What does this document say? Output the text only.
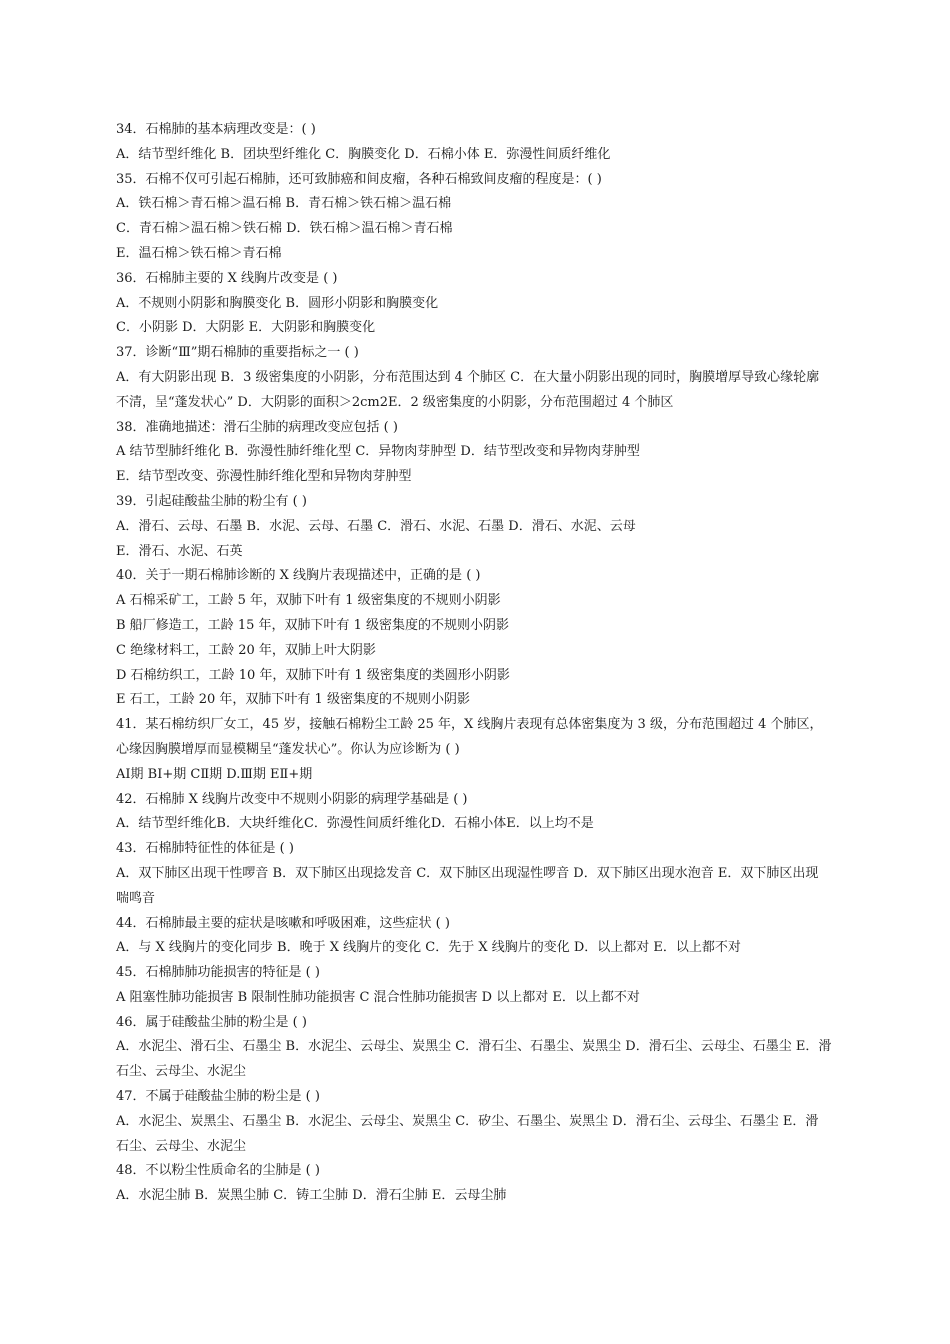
34．石棉肺的基本病理改变是：( )
A．结节型纤维化 B．团块型纤维化 C．胸膜变化 D．石棉小体 E．弥漫性间质纤维化
35．石棉不仅可引起石棉肺，还可致肺癌和间皮瘤，各种石棉致间皮瘤的程度是：( )
A．铁石棉＞青石棉＞温石棉 B．青石棉＞铁石棉＞温石棉
C．青石棉＞温石棉＞铁石棉 D．铁石棉＞温石棉＞青石棉
E．温石棉＞铁石棉＞青石棉
36．石棉肺主要的 X 线胸片改变是 ( )
A．不规则小阴影和胸膜变化 B．圆形小阴影和胸膜变化
C．小阴影 D．大阴影 E．大阴影和胸膜变化
37．诊断“Ⅲ”期石棉肺的重要指标之一 ( )
A．有大阴影出现 B．3 级密集度的小阴影，分布范围达到 4 个肺区 C．在大量小阴影出现的同时，胸膜增厚导致心缘轮廓
不清，呈“蓬发状心” D．大阴影的面积＞2cm2E．2 级密集度的小阴影，分布范围超过 4 个肺区
38．准确地描述：滑石尘肺的病理改变应包括 ( )
A 结节型肺纤维化 B．弥漫性肺纤维化型 C．异物肉芽肿型 D．结节型改变和异物肉芽肿型
E．结节型改变、弥漫性肺纤维化型和异物肉芽肿型
39．引起硅酸盐尘肺的粉尘有 ( )
A．滑石、云母、石墨 B．水泥、云母、石墨 C．滑石、水泥、石墨 D．滑石、水泥、云母
E．滑石、水泥、石英
40．关于一期石棉肺诊断的 X 线胸片表现描述中，正确的是 ( )
A 石棉采矿工，工龄 5 年，双肺下叶有 1 级密集度的不规则小阴影
B 船厂修造工，工龄 15 年，双肺下叶有 1 级密集度的不规则小阴影
C 绝缘材料工，工龄 20 年，双肺上叶大阴影
D 石棉纺织工，工龄 10 年，双肺下叶有 1 级密集度的类圆形小阴影
E 石工，工龄 20 年，双肺下叶有 1 级密集度的不规则小阴影
41．某石棉纺织厂女工，45 岁，接触石棉粉尘工龄 25 年，X 线胸片表现有总体密集度为 3 级，分布范围超过 4 个肺区，
心缘因胸膜增厚而显模糊呈“蓬发状心”。你认为应诊断为 ( )
AⅠ期 BⅠ+期 CⅡ期 D.Ⅲ期 EⅡ+期
42．石棉肺 X 线胸片改变中不规则小阴影的病理学基础是 ( )
A．结节型纤维化B．大块纤维化C．弥漫性间质纤维化D．石棉小体E．以上均不是
43．石棉肺特征性的体征是 ( )
A．双下肺区出现干性啰音 B．双下肺区出现捻发音 C．双下肺区出现湿性啰音 D．双下肺区出现水泡音 E．双下肺区出现
喘鸣音
44．石棉肺最主要的症状是咳嗽和呼吸困难，这些症状 ( )
A．与 X 线胸片的变化同步 B．晚于 X 线胸片的变化 C．先于 X 线胸片的变化 D．以上都对 E．以上都不对
45．石棉肺肺功能损害的特征是 ( )
A 阻塞性肺功能损害 B 限制性肺功能损害 C 混合性肺功能损害 D 以上都对 E．以上都不对
46．属于硅酸盐尘肺的粉尘是 ( )
A．水泥尘、滑石尘、石墨尘 B．水泥尘、云母尘、炭黑尘 C．滑石尘、石墨尘、炭黑尘 D．滑石尘、云母尘、石墨尘 E．滑
石尘、云母尘、水泥尘
47．不属于硅酸盐尘肺的粉尘是 ( )
A．水泥尘、炭黑尘、石墨尘 B．水泥尘、云母尘、炭黑尘 C．矽尘、石墨尘、炭黑尘 D．滑石尘、云母尘、石墨尘 E．滑
石尘、云母尘、水泥尘
48．不以粉尘性质命名的尘肺是 ( )
A．水泥尘肺 B．炭黑尘肺 C．铸工尘肺 D．滑石尘肺 E．云母尘肺
